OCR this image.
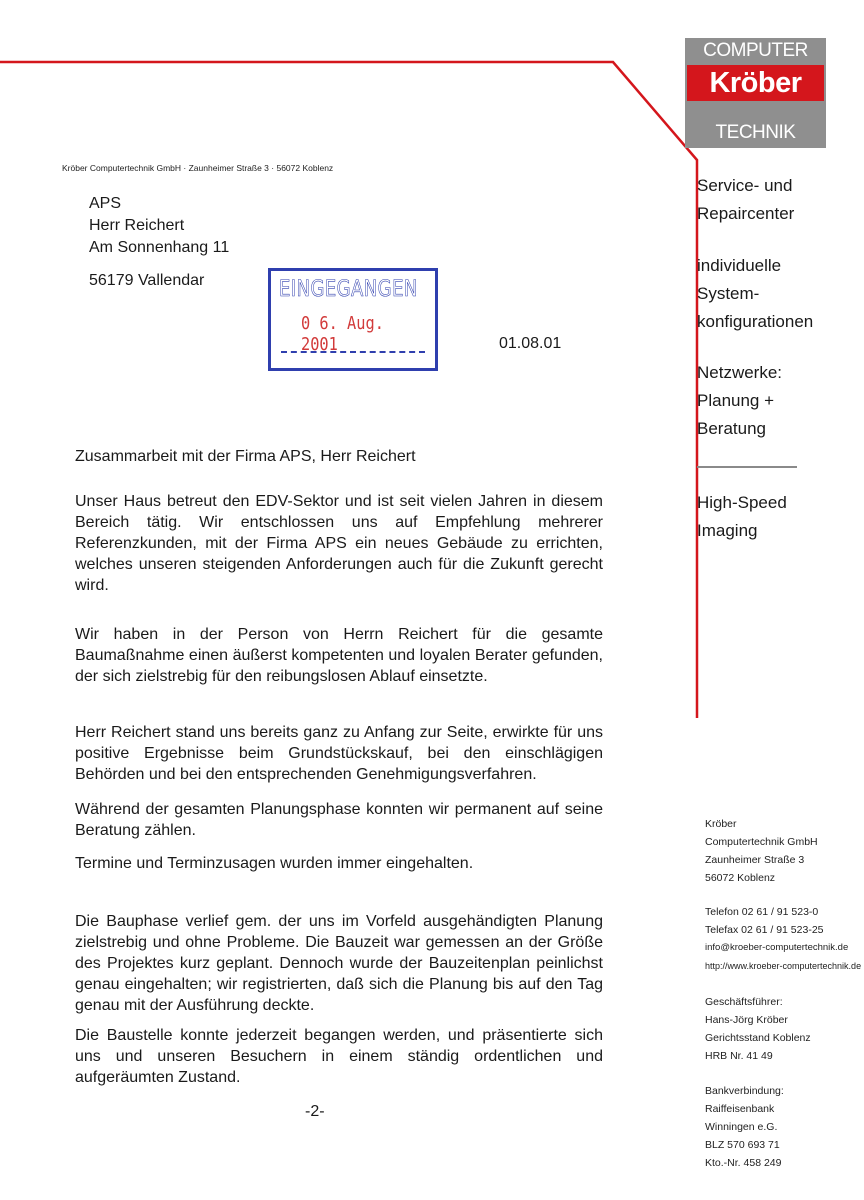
COMPUTER
Kröber
TECHNIK
Kröber Computertechnik GmbH · Zaunheimer Straße 3 · 56072 Koblenz
APS
Herr Reichert
Am Sonnenhang 11
56179 Vallendar	EINGEGANGEN
0 6. Aug. 2001	01.08.01
Zusammarbeit mit der Firma APS, Herr Reichert
Unser Haus betreut den EDV-Sektor und ist seit vielen Jahren in diesem Bereich tätig. Wir entschlossen uns auf Empfehlung mehrerer Referenzkunden, mit der Firma APS ein neues Gebäude zu errichten, welches unseren steigenden Anforderungen auch für die Zukunft gerecht wird.
Wir haben in der Person von Herrn Reichert für die gesamte Baumaßnahme einen äußerst kompetenten und loyalen Berater gefunden, der sich zielstrebig für den reibungslosen Ablauf einsetzte.
Herr Reichert stand uns bereits ganz zu Anfang zur Seite, erwirkte für uns positive Ergebnisse beim Grundstückskauf, bei den einschlägigen Behörden und bei den entsprechenden Genehmigungsverfahren.
Während der gesamten Planungsphase konnten wir permanent auf seine Beratung zählen.
Termine und Terminzusagen wurden immer eingehalten.
Die Bauphase verlief gem. der uns im Vorfeld ausgehändigten Planung zielstrebig und ohne Probleme. Die Bauzeit war gemessen an der Größe des Projektes kurz geplant. Dennoch wurde der Bauzeitenplan peinlichst genau eingehalten; wir registrierten, daß sich die Planung bis auf den Tag genau mit der Ausführung deckte.
Die Baustelle konnte jederzeit begangen werden, und präsentierte sich uns und unseren Besuchern in einem ständig ordentlichen und aufgeräumten Zustand.
-2-
Service- und
Repaircenter
individuelle
System-
konfigurationen
Netzwerke:
Planung +
Beratung
High-Speed
Imaging
Kröber
Computertechnik GmbH
Zaunheimer Straße 3
56072 Koblenz
Telefon 02 61 / 91 523-0
Telefax 02 61 / 91 523-25
info@kroeber-computertechnik.de
http://www.kroeber-computertechnik.de
Geschäftsführer:
Hans-Jörg Kröber
Gerichtsstand Koblenz
HRB Nr. 41 49
Bankverbindung:
Raiffeisenbank
Winningen e.G.
BLZ 570 693 71
Kto.-Nr. 458 249
